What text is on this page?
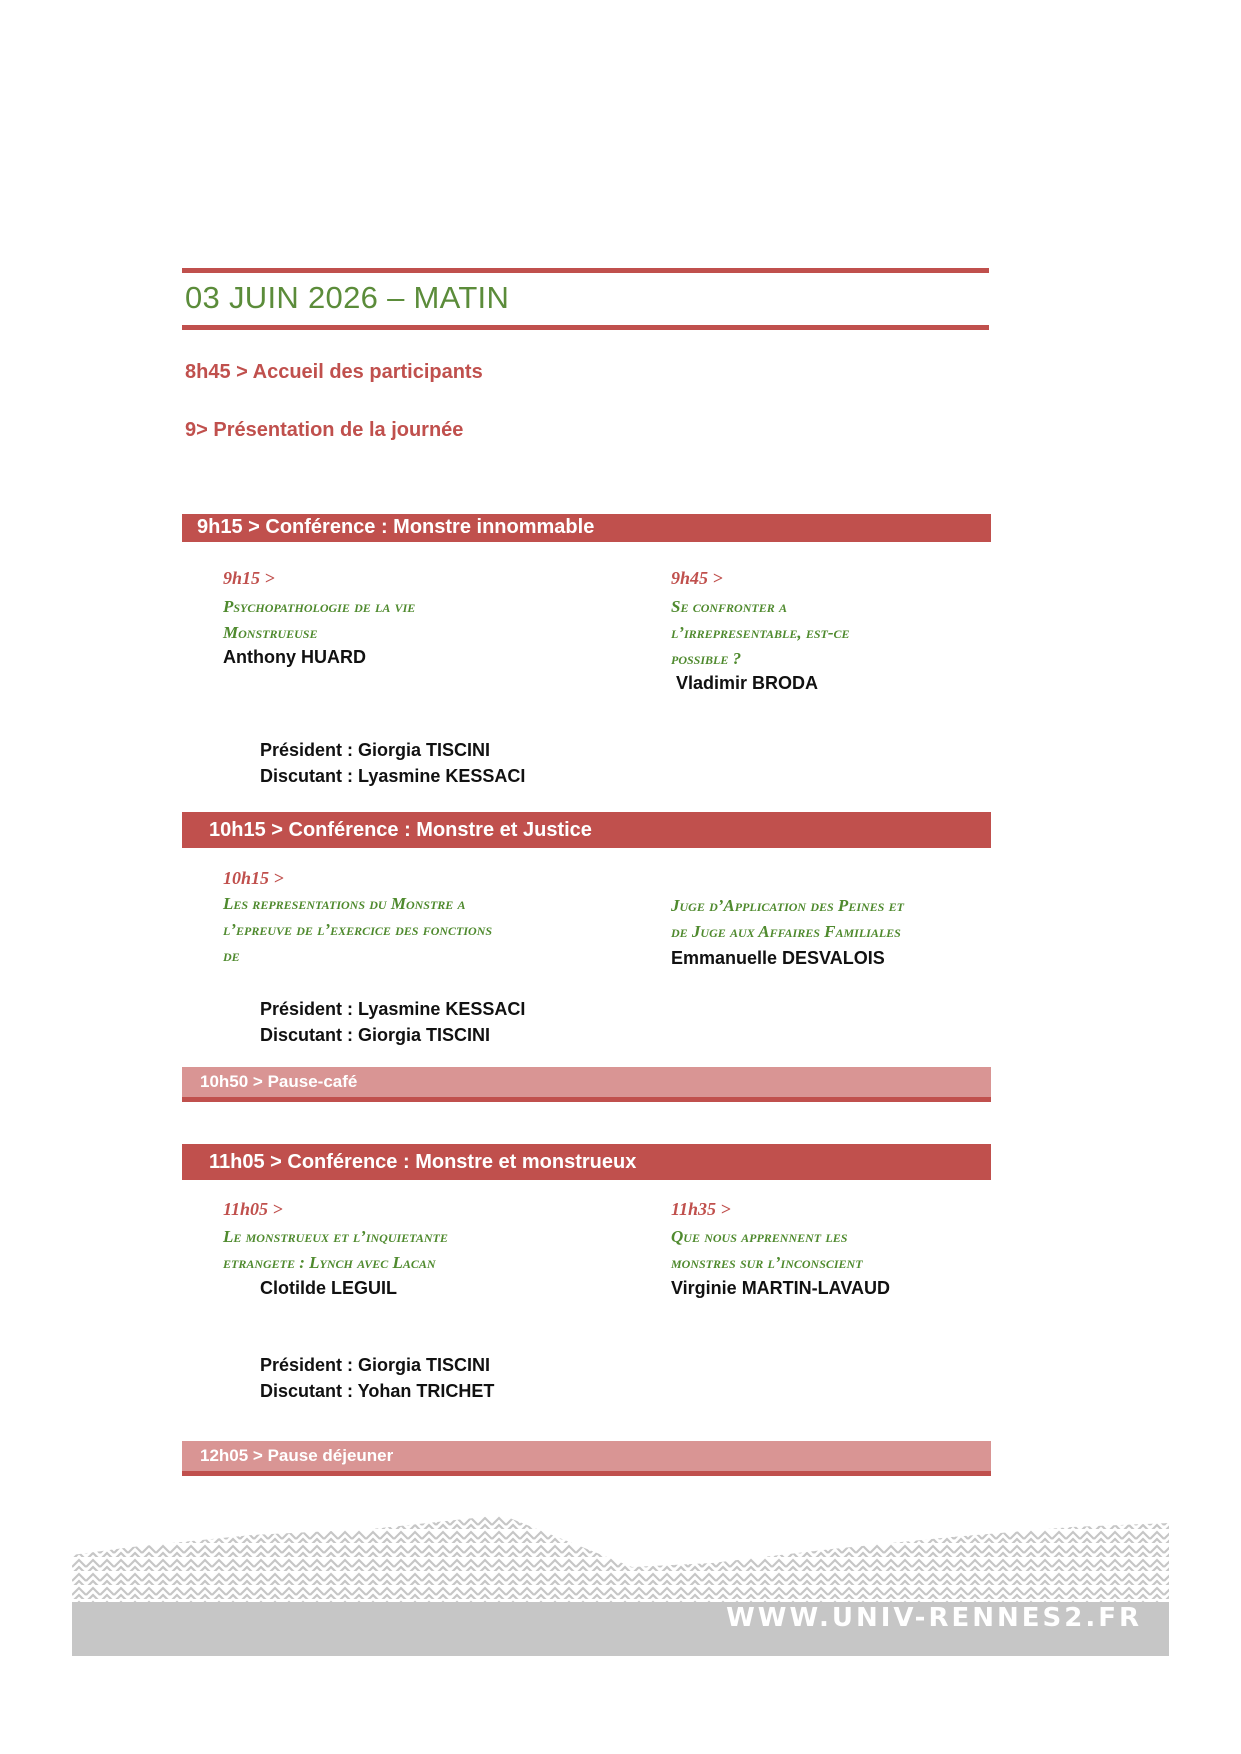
03 JUIN 2026 – MATIN
8h45 > Accueil des participants
9> Présentation de la journée
9h15 > Conférence : Monstre innommable
9h15 >
Psychopathologie de la vie
Monstrueuse
Anthony HUARD
9h45 >
Se confronter a
l’irrepresentable, est-ce
possible ?
Vladimir BRODA
Président : Giorgia TISCINI
Discutant : Lyasmine KESSACI
10h15 > Conférence : Monstre et Justice
10h15 >
Les representations du Monstre a
l’epreuve de l’exercice des fonctions
de
Juge d’Application des Peines et
de Juge aux Affaires Familiales
Emmanuelle DESVALOIS
Président : Lyasmine KESSACI
Discutant : Giorgia TISCINI
10h50 > Pause-café
11h05 > Conférence : Monstre et monstrueux
11h05 >
Le monstrueux et l’inquietante
etrangete : Lynch avec Lacan
Clotilde LEGUIL
11h35 >
Que nous apprennent les
monstres sur l’inconscient
Virginie MARTIN-LAVAUD
Président : Giorgia TISCINI
Discutant : Yohan TRICHET
12h05 > Pause déjeuner
WWW.UNIV-RENNES2.FR
